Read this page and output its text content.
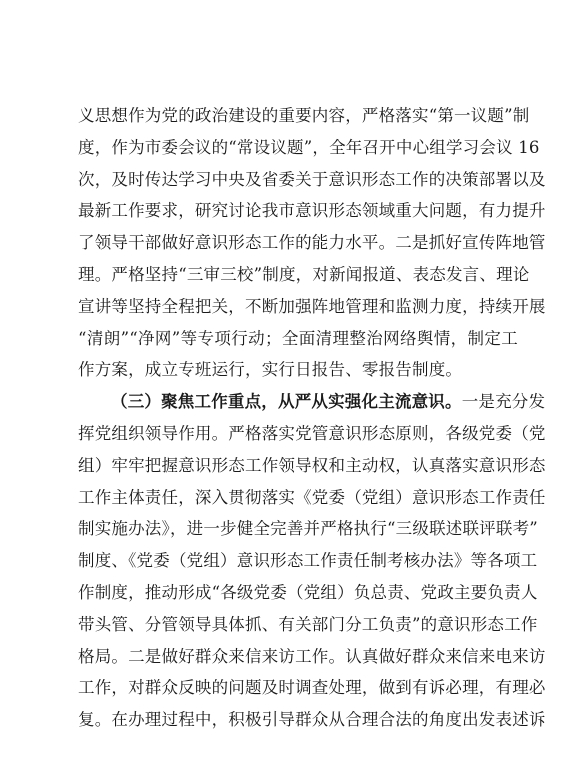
义思想作为党的政治建设的重要内容，严格落实“第一议题”制
度，作为市委会议的“常设议题”，全年召开中心组学习会议 16
次，及时传达学习中央及省委关于意识形态工作的决策部署以及
最新工作要求，研究讨论我市意识形态领域重大问题，有力提升
了领导干部做好意识形态工作的能力水平。二是抓好宣传阵地管
理。严格坚持“三审三校”制度，对新闻报道、表态发言、理论
宣讲等坚持全程把关，不断加强阵地管理和监测力度，持续开展
“清朗”“净网”等专项行动；全面清理整治网络舆情，制定工
作方案，成立专班运行，实行日报告、零报告制度。
（三）聚焦工作重点，从严从实强化主流意识。一是充分发
挥党组织领导作用。严格落实党管意识形态原则，各级党委（党
组）牢牢把握意识形态工作领导权和主动权，认真落实意识形态
工作主体责任，深入贯彻落实《党委（党组）意识形态工作责任
制实施办法》，进一步健全完善并严格执行“三级联述联评联考”
制度、《党委（党组）意识形态工作责任制考核办法》等各项工
作制度，推动形成“各级党委（党组）负总责、党政主要负责人
带头管、分管领导具体抓、有关部门分工负责”的意识形态工作
格局。二是做好群众来信来访工作。认真做好群众来信来电来访
工作，对群众反映的问题及时调查处理，做到有诉必理，有理必
复。在办理过程中，积极引导群众从合理合法的角度出发表述诉
